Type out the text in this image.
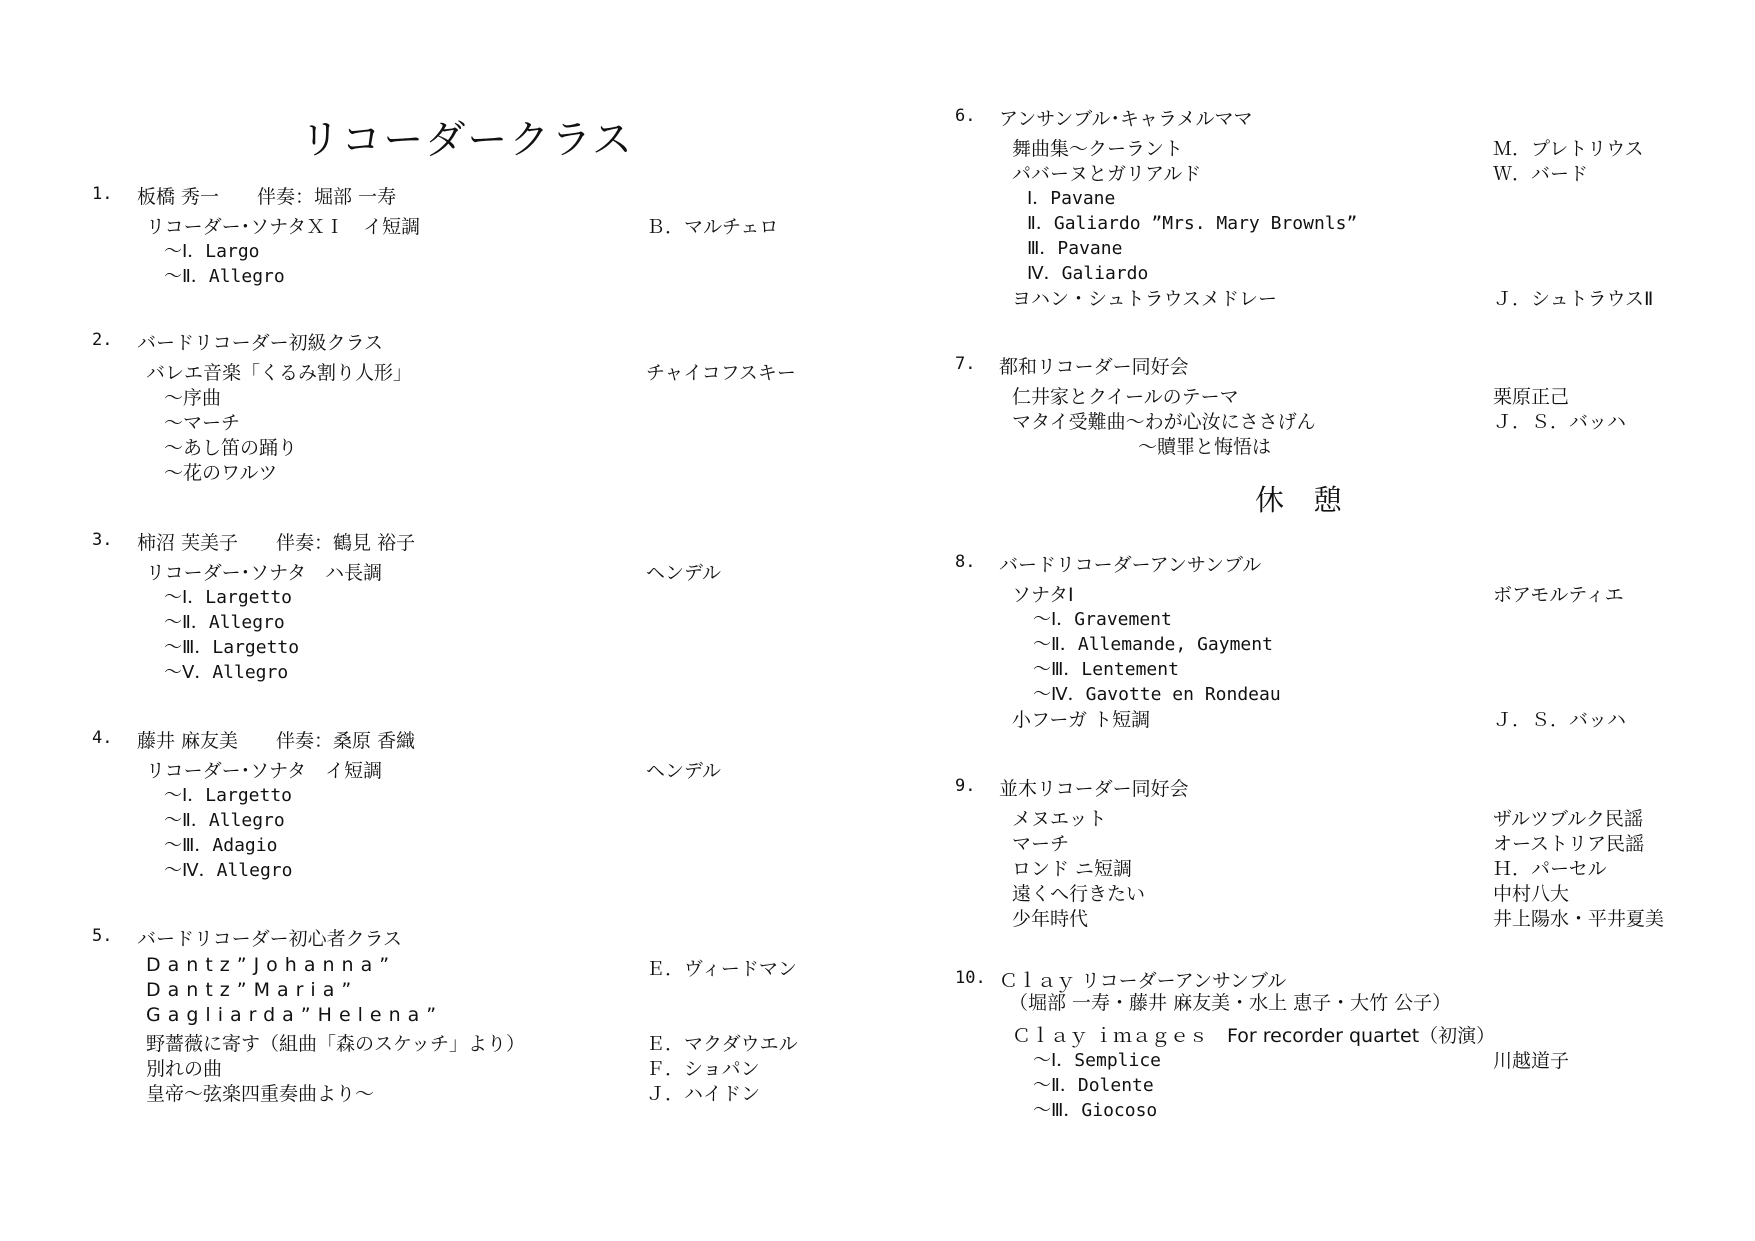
リコーダークラス
休　憩
1. 板橋 秀一　　伴奏：堀部 一寿
リコーダー･ソナタＸＩ　イ短調	Ｂ．マルチェロ
～Ⅰ．Largo
～Ⅱ．Allegro
2. バードリコーダー初級クラス
バレエ音楽「くるみ割り人形」	チャイコフスキー
～序曲
～マーチ
～あし笛の踊り
～花のワルツ
3. 柿沼 芙美子　　伴奏：鶴見 裕子
リコーダー･ソナタ　ハ長調	ヘンデル
～Ⅰ．Largetto
～Ⅱ．Allegro
～Ⅲ．Largetto
～Ⅴ．Allegro
4. 藤井 麻友美　　伴奏：桑原 香織
リコーダー･ソナタ　イ短調	ヘンデル
～Ⅰ．Largetto
～Ⅱ．Allegro
～Ⅲ．Adagio
～Ⅳ．Allegro
5. バードリコーダー初心者クラス
Dantz”Johanna”	Ｅ．ヴィードマン
Dantz”Maria”
Gagliarda”Helena”
野薔薇に寄す（組曲「森のスケッチ」より）	Ｅ．マクダウエル
別れの曲	Ｆ．ショパン
皇帝～弦楽四重奏曲より～	Ｊ．ハイドン
6. アンサンブル･キャラメルママ
舞曲集～クーラント	Ｍ．プレトリウス
パバーヌとガリアルド	Ｗ．バード
Ⅰ．Pavane
Ⅱ．Galiardo ”Mrs. Mary Brownls”
Ⅲ．Pavane
Ⅳ．Galiardo
ヨハン・シュトラウスメドレー	Ｊ．シュトラウスⅡ
7. 都和リコーダー同好会
仁井家とクイールのテーマ	栗原正己
マタイ受難曲～わが心汝にささげん	Ｊ．Ｓ．バッハ
～贖罪と悔悟は
8. バードリコーダーアンサンブル
ソナタⅠ	ボアモルティエ
～Ⅰ．Gravement
～Ⅱ．Allemande, Gayment
～Ⅲ．Lentement
～Ⅳ．Gavotte en Rondeau
小フーガ ト短調	Ｊ．Ｓ．バッハ
9. 並木リコーダー同好会
メヌエット	ザルツブルク民謡
マーチ	オーストリア民謡
ロンド ニ短調	Ｈ．パーセル
遠くへ行きたい	中村八大
少年時代	井上陽水・平井夏美
10. Ｃｌａｙ リコーダーアンサンブル
（堀部 一寿・藤井 麻友美・水上 恵子・大竹 公子）
Ｃｌａｙ ｉｍａｇｅｓ　For recorder quartet（初演）
～Ⅰ．Semplice	川越道子
～Ⅱ．Dolente
～Ⅲ．Giocoso
